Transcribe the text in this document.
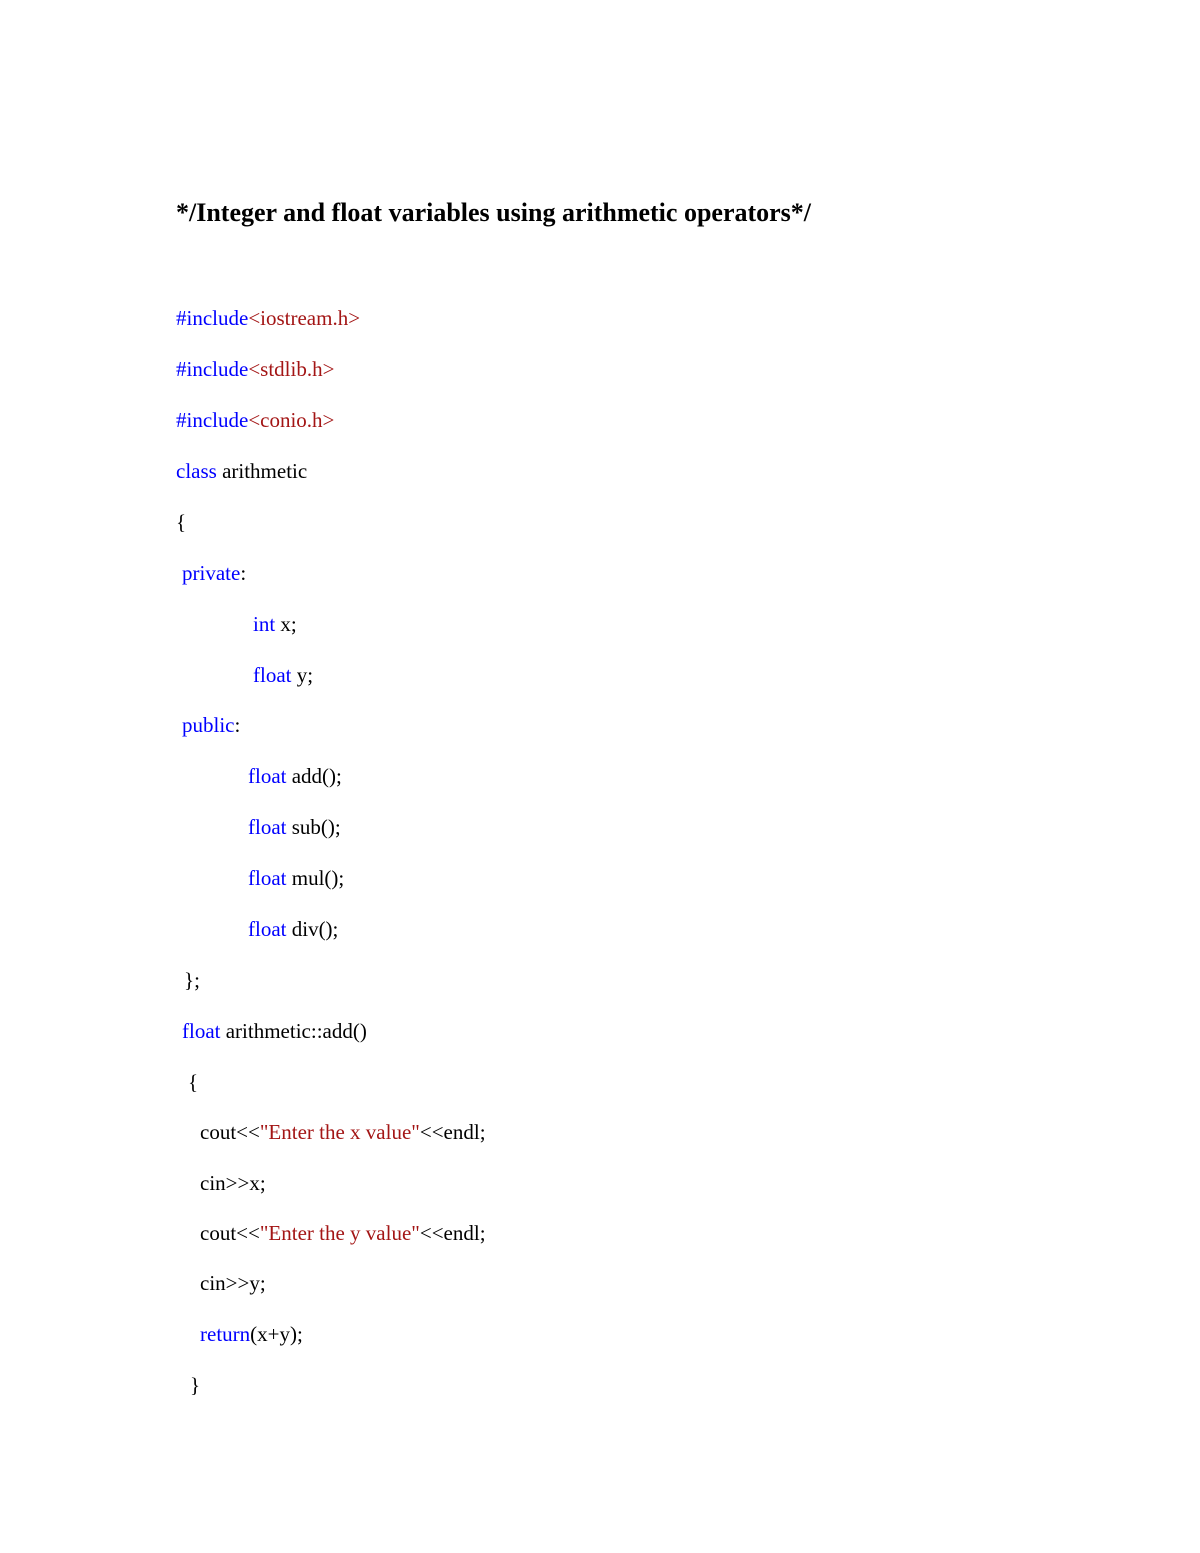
*/Integer and float variables using arithmetic operators*/
#include<iostream.h>
#include<stdlib.h>
#include<conio.h>
class arithmetic
{
private:
int x;
float y;
public:
float add();
float sub();
float mul();
float div();
};
float arithmetic::add()
{
cout<<"Enter the x value"<<endl;
cin>>x;
cout<<"Enter the y value"<<endl;
cin>>y;
return(x+y);
}
